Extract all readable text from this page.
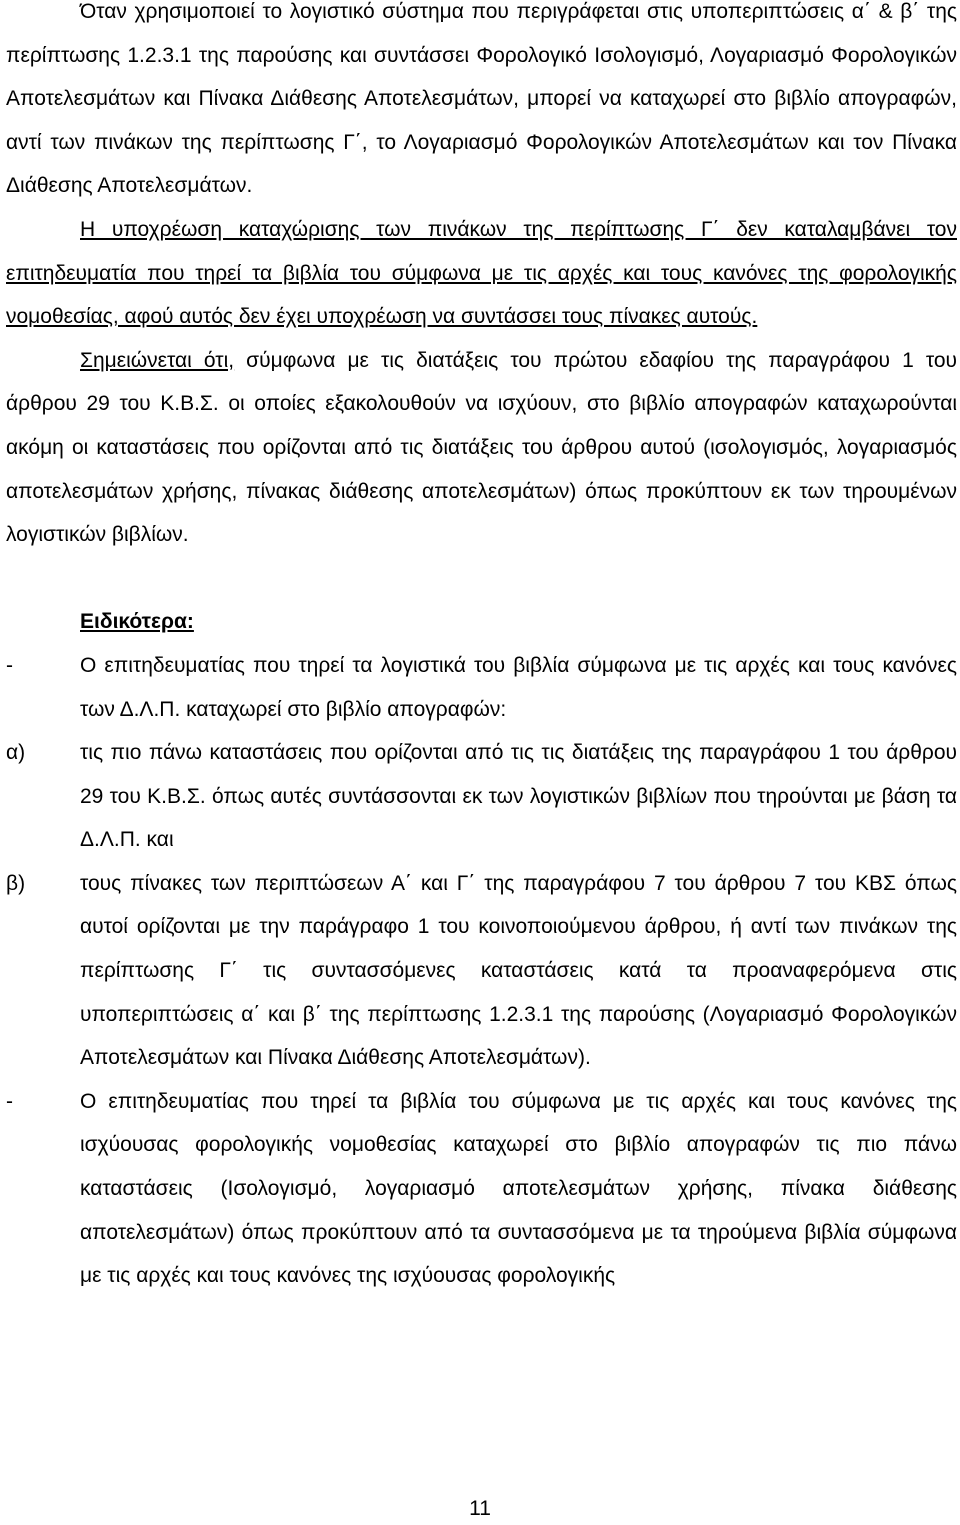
Όταν χρησιμοποιεί το λογιστικό σύστημα που περιγράφεται στις υποπεριπτώσεις α΄ & β΄ της περίπτωσης 1.2.3.1 της παρούσης και συντάσσει Φορολογικό Ισολογισμό, Λογαριασμό Φορολογικών Αποτελεσμάτων και Πίνακα Διάθεσης Αποτελεσμάτων, μπορεί να καταχωρεί στο βιβλίο απογραφών, αντί των πινάκων της περίπτωσης Γ΄, το Λογαριασμό Φορολογικών Αποτελεσμάτων και τον Πίνακα Διάθεσης Αποτελεσμάτων.

Η υποχρέωση καταχώρισης των πινάκων της περίπτωσης Γ΄ δεν καταλαμβάνει τον επιτηδευματία που τηρεί τα βιβλία του σύμφωνα με τις αρχές και τους κανόνες της φορολογικής νομοθεσίας, αφού αυτός δεν έχει υποχρέωση να συντάσσει τους πίνακες αυτούς.

Σημειώνεται ότι, σύμφωνα με τις διατάξεις του πρώτου εδαφίου της παραγράφου 1 του άρθρου 29 του Κ.Β.Σ. οι οποίες εξακολουθούν να ισχύουν, στο βιβλίο απογραφών καταχωρούνται ακόμη οι καταστάσεις που ορίζονται από τις διατάξεις του άρθρου αυτού (ισολογισμός, λογαριασμός αποτελεσμάτων χρήσης, πίνακας διάθεσης αποτελεσμάτων) όπως προκύπτουν εκ των τηρουμένων λογιστικών βιβλίων.

Ειδικότερα:

-	Ο επιτηδευματίας που τηρεί τα λογιστικά του βιβλία σύμφωνα με τις αρχές και τους κανόνες των Δ.Λ.Π. καταχωρεί στο βιβλίο απογραφών:

α)	τις πιο πάνω καταστάσεις που ορίζονται από τις τις διατάξεις της παραγράφου 1 του άρθρου 29 του Κ.Β.Σ. όπως αυτές συντάσσονται εκ των λογιστικών βιβλίων που τηρούνται με βάση τα Δ.Λ.Π. και

β)	τους πίνακες των περιπτώσεων Α΄ και Γ΄ της παραγράφου 7 του άρθρου 7 του ΚΒΣ όπως αυτοί ορίζονται με την παράγραφο 1 του κοινοποιούμενου άρθρου, ή αντί των πινάκων της περίπτωσης Γ΄ τις συντασσόμενες καταστάσεις κατά τα προαναφερόμενα στις υποπεριπτώσεις α΄ και β΄ της περίπτωσης 1.2.3.1 της παρούσης (Λογαριασμό Φορολογικών Αποτελεσμάτων και Πίνακα Διάθεσης Αποτελεσμάτων).

-	Ο επιτηδευματίας που τηρεί τα βιβλία του σύμφωνα με τις αρχές και τους κανόνες της ισχύουσας φορολογικής νομοθεσίας καταχωρεί στο βιβλίο απογραφών τις πιο πάνω καταστάσεις (Ισολογισμό, λογαριασμό αποτελεσμάτων χρήσης, πίνακα διάθεσης αποτελεσμάτων) όπως προκύπτουν από τα συντασσόμενα με τα τηρούμενα βιβλία σύμφωνα με τις αρχές και τους κανόνες της ισχύουσας φορολογικής

11
